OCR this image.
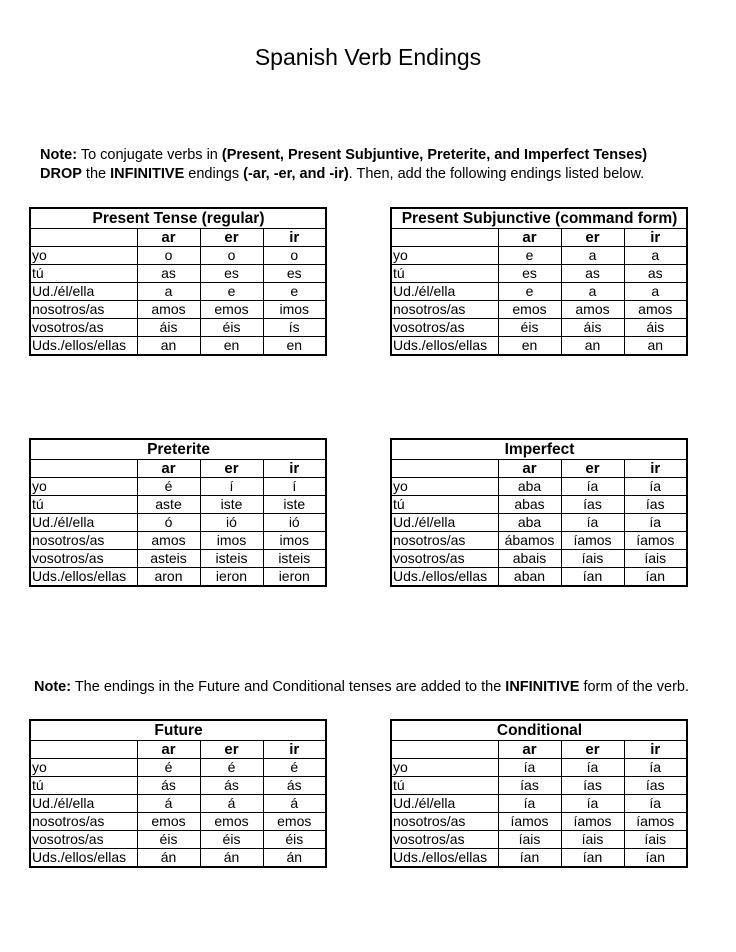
Spanish Verb Endings
Note: To conjugate verbs in (Present, Present Subjuntive, Preterite, and Imperfect Tenses)
DROP the INFINITIVE endings (-ar, -er, and -ir). Then, add the following endings listed below.
Note: The endings in the Future and Conditional tenses are added to the INFINITIVE form of the verb.
Present Tense (regular)			
	ar	er	ir
yo	o	o	o
tú	as	es	es
Ud./él/ella	a	e	e
nosotros/as	amos	emos	imos
vosotros/as	áis	éis	ís
Uds./ellos/ellas	an	en	en
Present Subjunctive (command form)			
	ar	er	ir
yo	e	a	a
tú	es	as	as
Ud./él/ella	e	a	a
nosotros/as	emos	amos	amos
vosotros/as	éis	áis	áis
Uds./ellos/ellas	en	an	an
Preterite			
	ar	er	ir
yo	é	í	í
tú	aste	iste	iste
Ud./él/ella	ó	ió	ió
nosotros/as	amos	imos	imos
vosotros/as	asteis	isteis	isteis
Uds./ellos/ellas	aron	ieron	ieron
Imperfect			
	ar	er	ir
yo	aba	ía	ía
tú	abas	ías	ías
Ud./él/ella	aba	ía	ía
nosotros/as	ábamos	íamos	íamos
vosotros/as	abais	íais	íais
Uds./ellos/ellas	aban	ían	ían
Future			
	ar	er	ir
yo	é	é	é
tú	ás	ás	ás
Ud./él/ella	á	á	á
nosotros/as	emos	emos	emos
vosotros/as	éis	éis	éis
Uds./ellos/ellas	án	án	án
Conditional			
	ar	er	ir
yo	ía	ía	ía
tú	ías	ías	ías
Ud./él/ella	ía	ía	ía
nosotros/as	íamos	íamos	íamos
vosotros/as	íais	íais	íais
Uds./ellos/ellas	ían	ían	ían
